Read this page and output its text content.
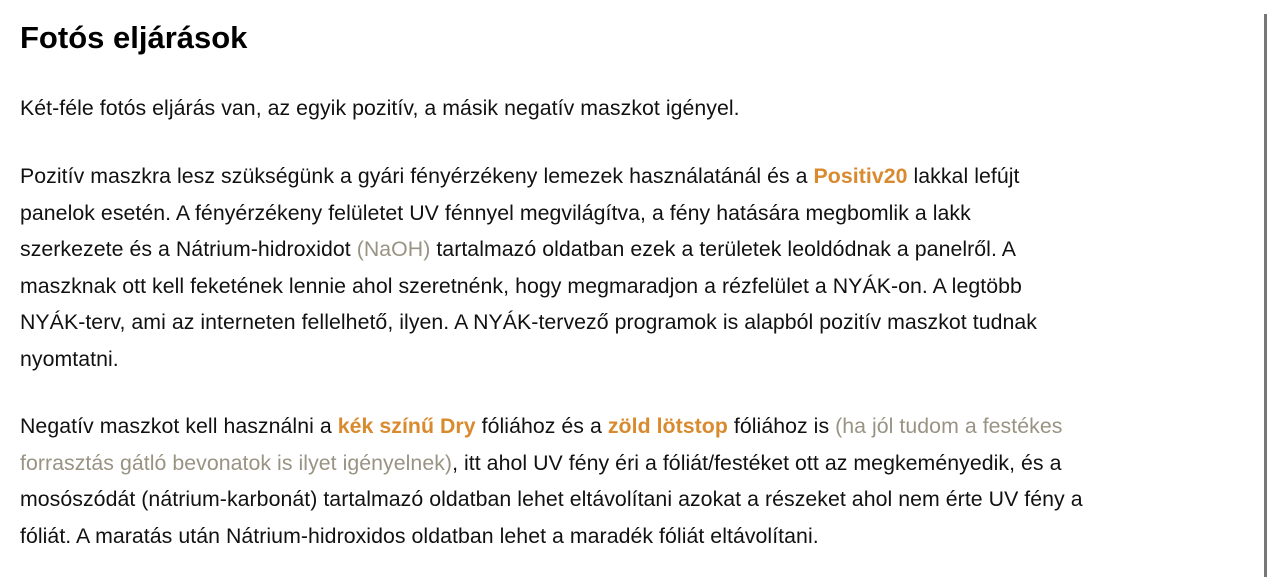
Fotós eljárások

Két-féle fotós eljárás van, az egyik pozitív, a másik negatív maszkot igényel.

Pozitív maszkra lesz szükségünk a gyári fényérzékeny lemezek használatánál és a Positiv20 lakkal lefújt
panelok esetén. A fényérzékeny felületet UV fénnyel megvilágítva, a fény hatására megbomlik a lakk
szerkezete és a Nátrium-hidroxidot (NaOH) tartalmazó oldatban ezek a területek leoldódnak a panelről. A
maszknak ott kell feketének lennie ahol szeretnénk, hogy megmaradjon a rézfelület a NYÁK-on. A legtöbb
NYÁK-terv, ami az interneten fellelhető, ilyen. A NYÁK-tervező programok is alapból pozitív maszkot tudnak
nyomtatni.

Negatív maszkot kell használni a kék színű Dry fóliához és a zöld lötstop fóliához is (ha jól tudom a festékes
forrasztás gátló bevonatok is ilyet igényelnek), itt ahol UV fény éri a fóliát/festéket ott az megkeményedik, és a
mosószódát (nátrium-karbonát) tartalmazó oldatban lehet eltávolítani azokat a részeket ahol nem érte UV fény a
fóliát. A maratás után Nátrium-hidroxidos oldatban lehet a maradék fóliát eltávolítani.
